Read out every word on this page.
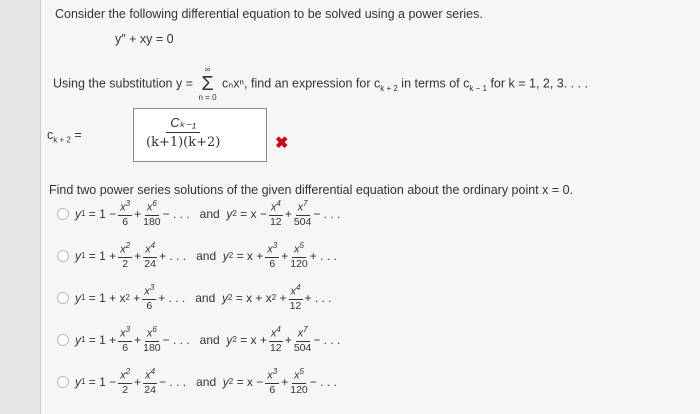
Consider the following differential equation to be solved using a power series.
y″ + xy = 0
Using the substitution y =
∞
Σ
n = 0
cₙxⁿ, find an expression for $c_{k + 2}$ in terms of $c_{k - 1}$ for k = 1, 2, 3. . . .
$c_{k + 2}$ =	$\frac{\text{Cₖ₋₁}}{(k+1)(k+2)}$	✖
Find two power series solutions of the given differential equation about the ordinary point x = 0.
y $1 = 1 - \frac{x^3}{6} + \frac{x^6}{180}$ − . . .   and y $2 = x - \frac{x^4}{12} + \frac{x^7}{504}$ − . . .
y $1 = 1 + \frac{x^2}{2} + \frac{x^4}{24}$ + . . .   and y $2 = x + \frac{x^3}{6} + \frac{x^5}{120}$ + . . .
y 1 = 1 + x $2 + \frac{x^3}{6}$ + . . .   and y 2 = x + x $2 + \frac{x^4}{12}$ + . . .
y $1 = 1 + \frac{x^3}{6} + \frac{x^6}{180}$ − . . .   and y $2 = x + \frac{x^4}{12} + \frac{x^7}{504}$ − . . .
y $1 = 1 - \frac{x^2}{2} + \frac{x^4}{24}$ − . . .   and y $2 = x - \frac{x^3}{6} + \frac{x^5}{120}$ − . . .
